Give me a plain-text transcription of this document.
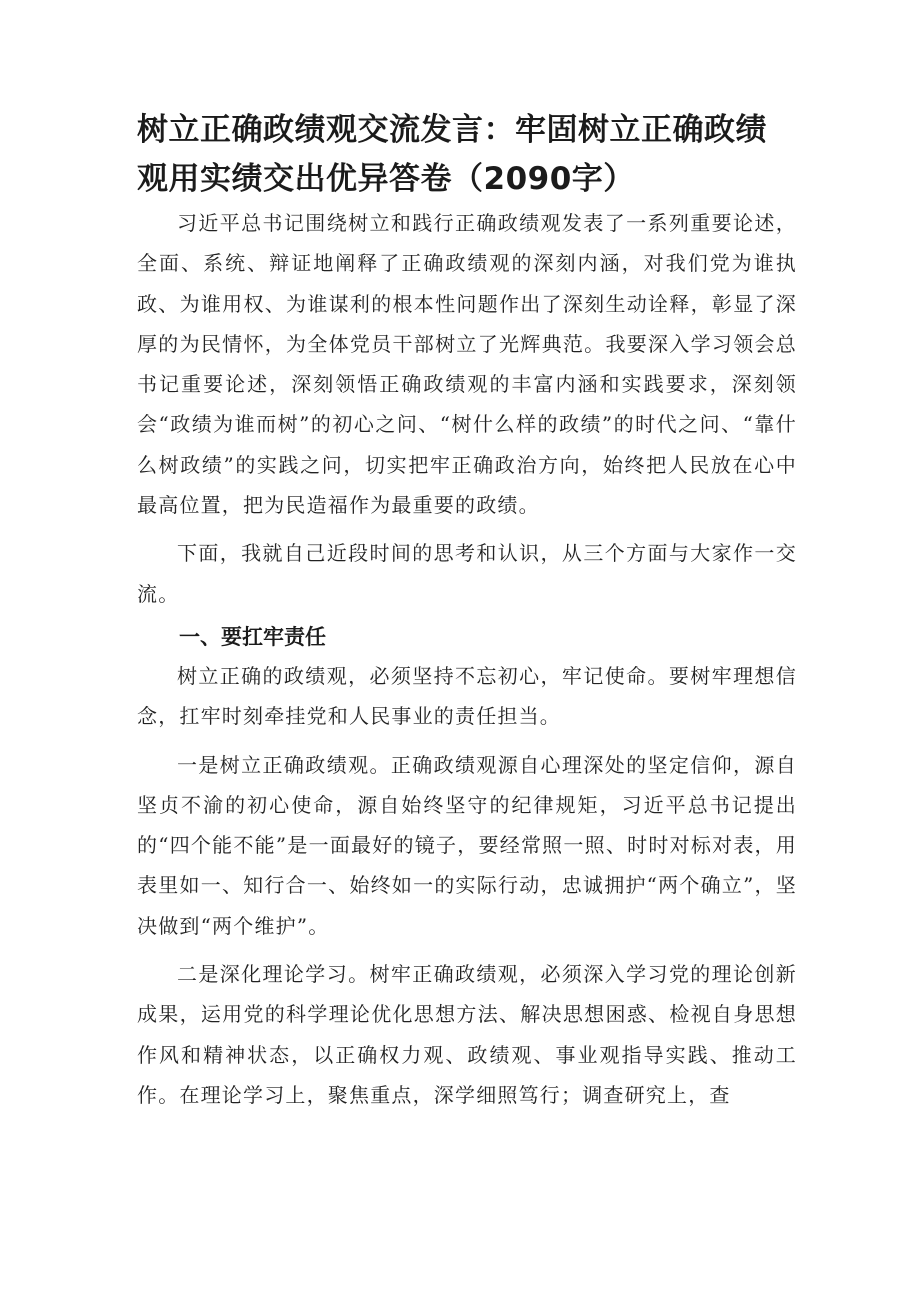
树立正确政绩观交流发言：牢固树立正确政绩观用实绩交出优异答卷（2090字）

习近平总书记围绕树立和践行正确政绩观发表了一系列重要论述，全面、系统、辩证地阐释了正确政绩观的深刻内涵，对我们党为谁执政、为谁用权、为谁谋利的根本性问题作出了深刻生动诠释，彰显了深厚的为民情怀，为全体党员干部树立了光辉典范。我要深入学习领会总书记重要论述，深刻领悟正确政绩观的丰富内涵和实践要求，深刻领会“政绩为谁而树”的初心之问、“树什么样的政绩”的时代之问、“靠什么树政绩”的实践之问，切实把牢正确政治方向，始终把人民放在心中最高位置，把为民造福作为最重要的政绩。

下面，我就自己近段时间的思考和认识，从三个方面与大家作一交流。

一、要扛牢责任

树立正确的政绩观，必须坚持不忘初心，牢记使命。要树牢理想信念，扛牢时刻牵挂党和人民事业的责任担当。

一是树立正确政绩观。正确政绩观源自心理深处的坚定信仰，源自坚贞不渝的初心使命，源自始终坚守的纪律规矩，习近平总书记提出的“四个能不能”是一面最好的镜子，要经常照一照、时时对标对表，用表里如一、知行合一、始终如一的实际行动，忠诚拥护“两个确立”，坚决做到“两个维护”。

二是深化理论学习。树牢正确政绩观，必须深入学习党的理论创新成果，运用党的科学理论优化思想方法、解决思想困惑、检视自身思想作风和精神状态，以正确权力观、政绩观、事业观指导实践、推动工作。在理论学习上，聚焦重点，深学细照笃行；调查研究上，查
